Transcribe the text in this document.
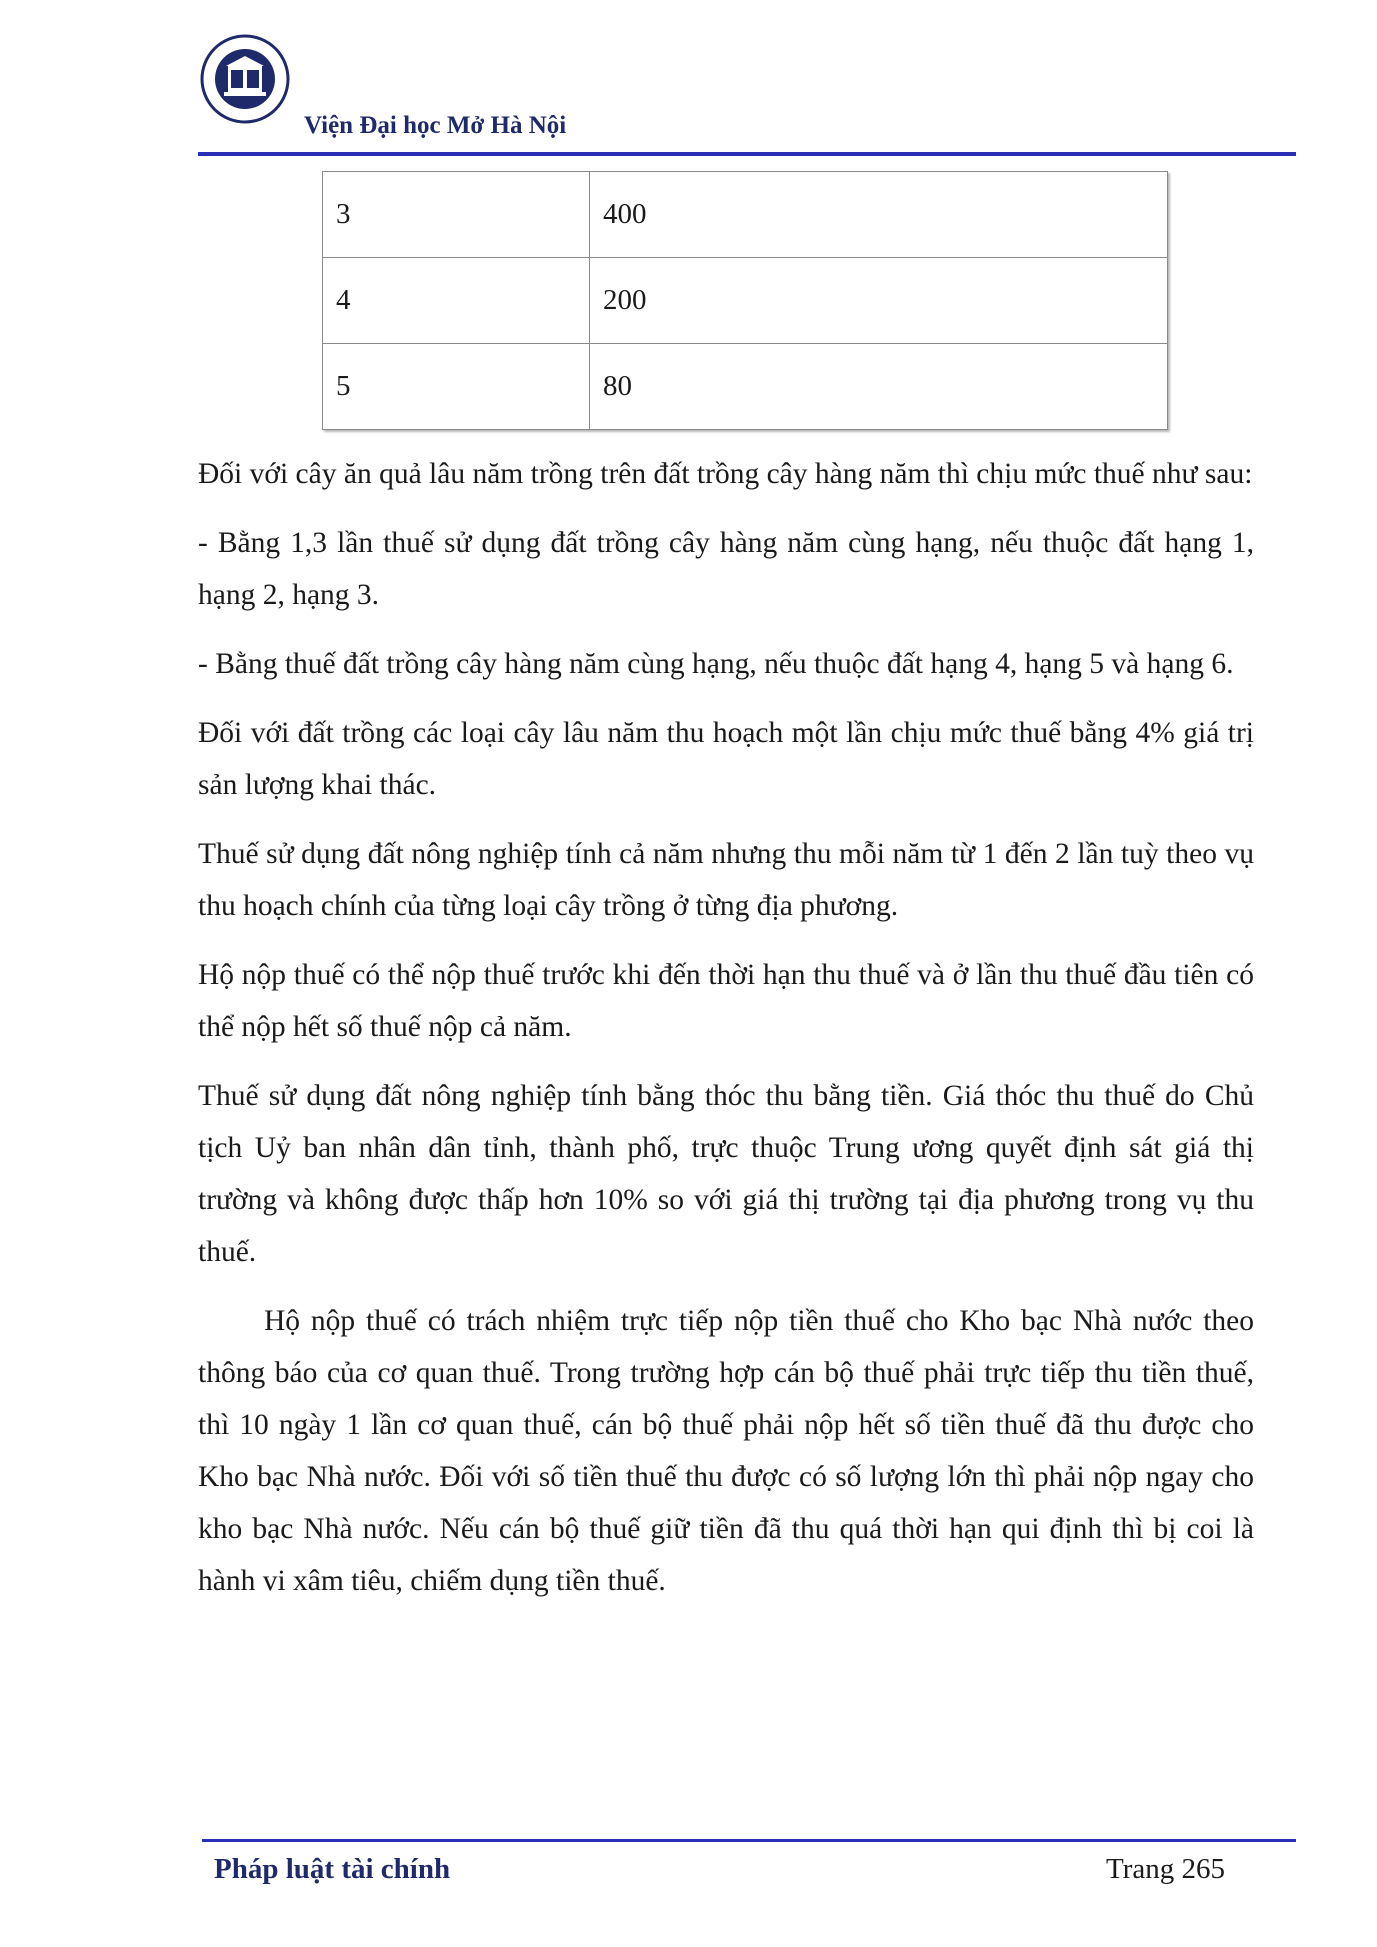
Viện Đại học Mở Hà Nội
3	400
4	200
5	80

Đối với cây ăn quả lâu năm trồng trên đất trồng cây hàng năm thì chịu mức thuế như sau:

- Bằng 1,3 lần thuế sử dụng đất trồng cây hàng năm cùng hạng, nếu thuộc đất hạng 1, hạng 2, hạng 3.

- Bằng thuế đất trồng cây hàng năm cùng hạng, nếu thuộc đất hạng 4, hạng 5 và hạng 6.

Đối với đất trồng các loại cây lâu năm thu hoạch một lần chịu mức thuế bằng 4% giá trị sản lượng khai thác.

Thuế sử dụng đất nông nghiệp tính cả năm nhưng thu mỗi năm từ 1 đến 2 lần tuỳ theo vụ thu hoạch chính của từng loại cây trồng ở từng địa phương.

Hộ nộp thuế có thể nộp thuế trước khi đến thời hạn thu thuế và ở lần thu thuế đầu tiên có thể nộp hết số thuế nộp cả năm.

Thuế sử dụng đất nông nghiệp tính bằng thóc thu bằng tiền. Giá thóc thu thuế do Chủ tịch Uỷ ban nhân dân tỉnh, thành phố, trực thuộc Trung ương quyết định sát giá thị trường và không được thấp hơn 10% so với giá thị trường tại địa phương trong vụ thu thuế.

Hộ nộp thuế có trách nhiệm trực tiếp nộp tiền thuế cho Kho bạc Nhà nước theo thông báo của cơ quan thuế. Trong trường hợp cán bộ thuế phải trực tiếp thu tiền thuế, thì 10 ngày 1 lần cơ quan thuế, cán bộ thuế phải nộp hết số tiền thuế đã thu được cho Kho bạc Nhà nước. Đối với số tiền thuế thu được có số lượng lớn thì phải nộp ngay cho kho bạc Nhà nước. Nếu cán bộ thuế giữ tiền đã thu quá thời hạn qui định thì bị coi là hành vi xâm tiêu, chiếm dụng tiền thuế.

Pháp luật tài chính	Trang 265
